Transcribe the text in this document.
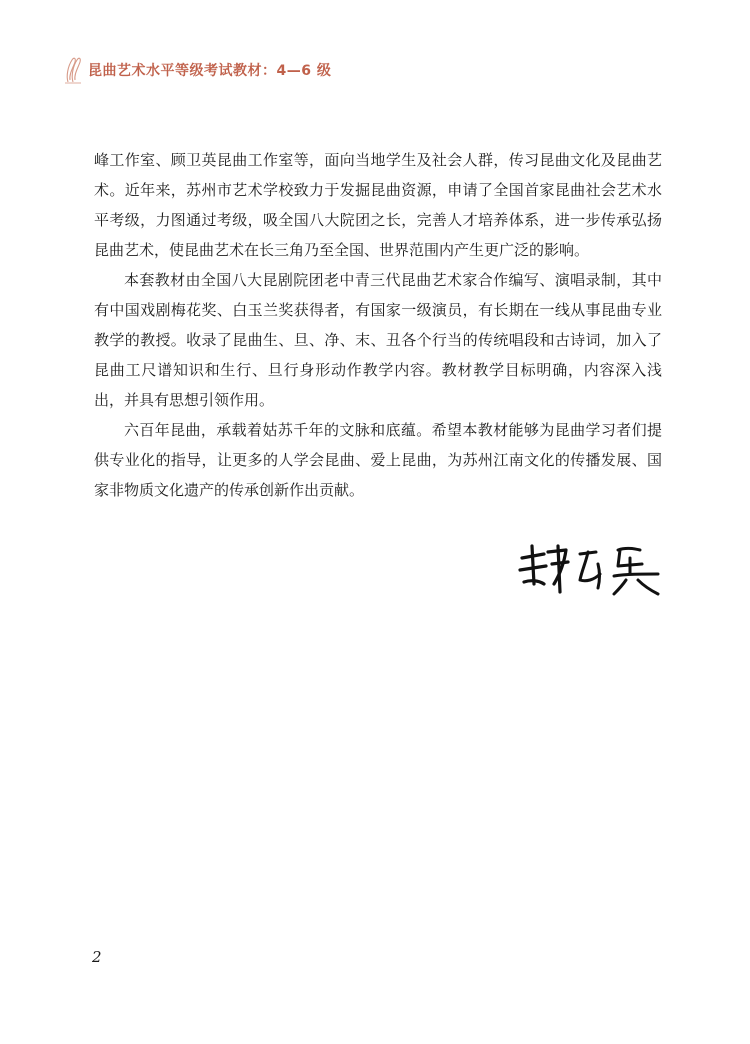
昆曲艺术水平等级考试教材：4—6 级

峰工作室、顾卫英昆曲工作室等，面向当地学生及社会人群，传习昆曲文化及昆曲艺术。近年来，苏州市艺术学校致力于发掘昆曲资源，申请了全国首家昆曲社会艺术水平考级，力图通过考级，吸全国八大院团之长，完善人才培养体系，进一步传承弘扬昆曲艺术，使昆曲艺术在长三角乃至全国、世界范围内产生更广泛的影响。

本套教材由全国八大昆剧院团老中青三代昆曲艺术家合作编写、演唱录制，其中有中国戏剧梅花奖、白玉兰奖获得者，有国家一级演员，有长期在一线从事昆曲专业教学的教授。收录了昆曲生、旦、净、末、丑各个行当的传统唱段和古诗词，加入了昆曲工尺谱知识和生行、旦行身形动作教学内容。教材教学目标明确，内容深入浅出，并具有思想引领作用。

六百年昆曲，承载着姑苏千年的文脉和底蕴。希望本教材能够为昆曲学习者们提供专业化的指导，让更多的人学会昆曲、爱上昆曲，为苏州江南文化的传播发展、国家非物质文化遗产的传承创新作出贡献。

2
